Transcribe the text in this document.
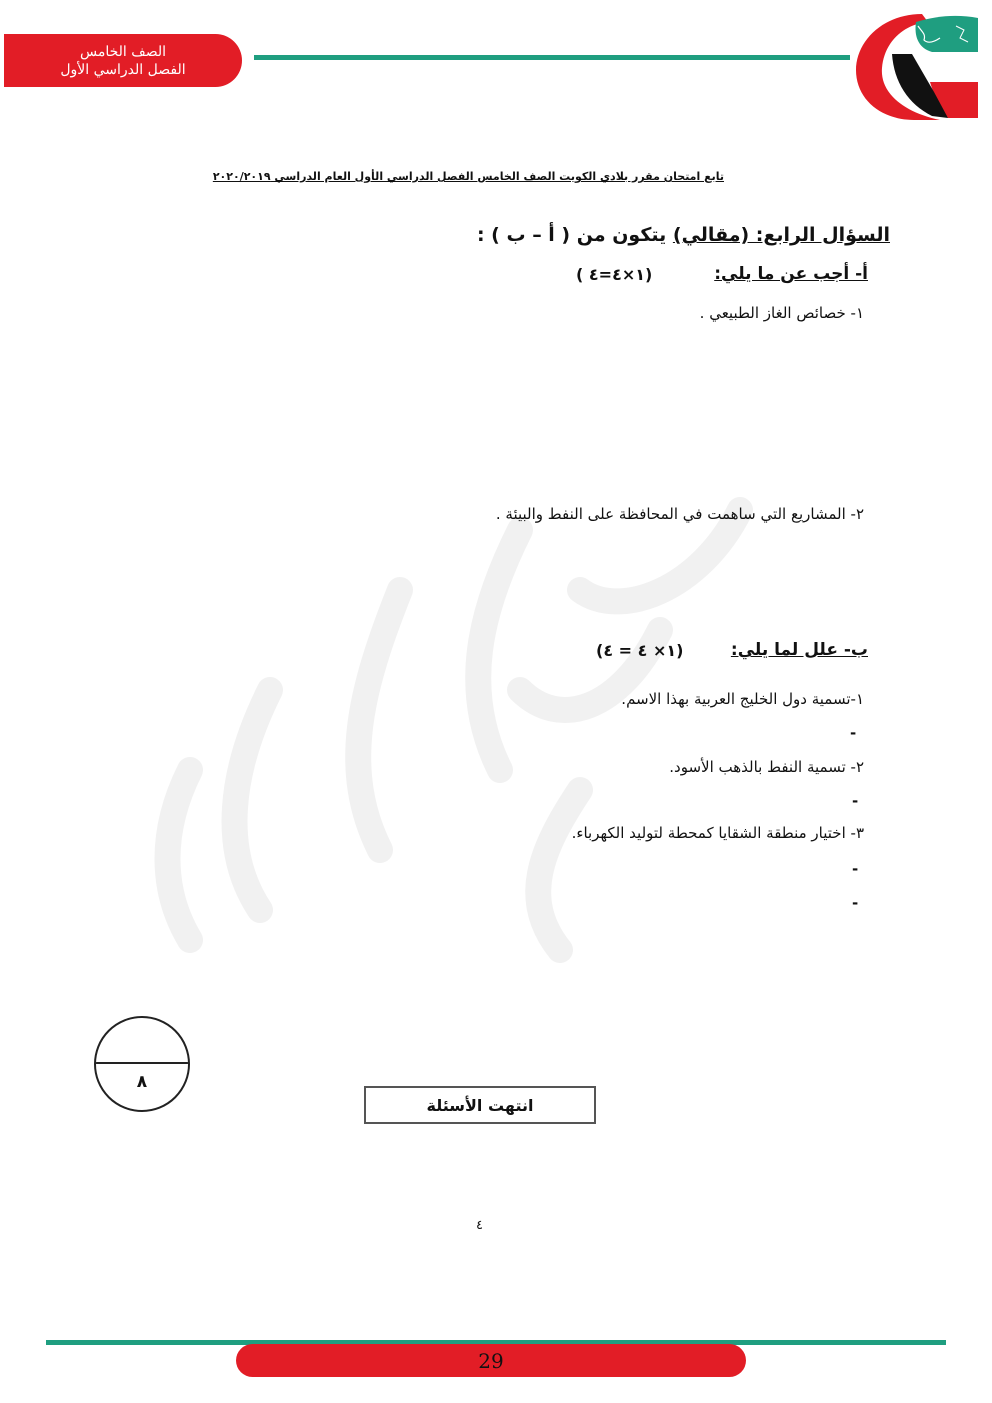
الصف الخامس
الفصل الدراسي الأول
تابع امتحان مقرر بلادي الكويت الصف الخامس الفصل الدراسي الأول العام الدراسي ٢٠٢٠/٢٠١٩
السؤال الرابع: (مقالي) يتكون من ( أ – ب ) :
أ- أجب عن ما يلي:
( ١×٤=٤)
١- خصائص الغاز الطبيعي .
٢- المشاريع التي ساهمت في المحافظة على النفط والبيئة .
ب- علل لما يلي:
(١× ٤ = ٤)
١-تسمية دول الخليج العربية بهذا الاسم.
-
٢- تسمية النفط بالذهب الأسود.
-
٣- اختيار منطقة الشقايا كمحطة لتوليد الكهرباء.
-
-
٨
انتهت الأسئلة
٤
29
